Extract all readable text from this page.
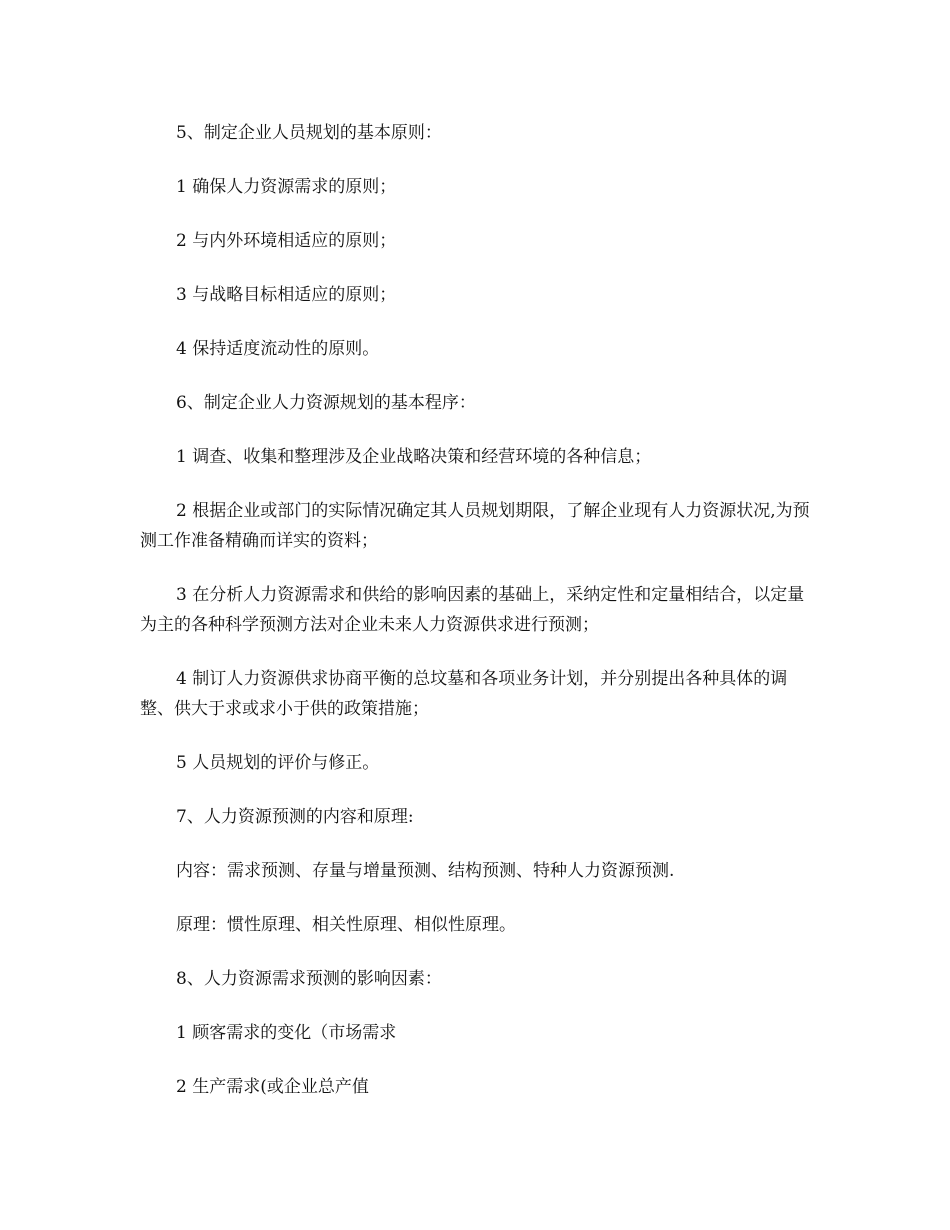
5、制定企业人员规划的基本原则：

1 确保人力资源需求的原则；

2 与内外环境相适应的原则；

3 与战略目标相适应的原则；

4 保持适度流动性的原则。

6、制定企业人力资源规划的基本程序：

1 调查、收集和整理涉及企业战略决策和经营环境的各种信息；

2 根据企业或部门的实际情况确定其人员规划期限，了解企业现有人力资源状况,为预测工作准备精确而详实的资料；

3 在分析人力资源需求和供给的影响因素的基础上，采纳定性和定量相结合，以定量为主的各种科学预测方法对企业未来人力资源供求进行预测；

4 制订人力资源供求协商平衡的总坟墓和各项业务计划，并分别提出各种具体的调整、供大于求或求小于供的政策措施；

5 人员规划的评价与修正。

7、人力资源预测的内容和原理:

内容：需求预测、存量与增量预测、结构预测、特种人力资源预测.

原理：惯性原理、相关性原理、相似性原理。

8、人力资源需求预测的影响因素：

1 顾客需求的变化（市场需求

2 生产需求(或企业总产值
